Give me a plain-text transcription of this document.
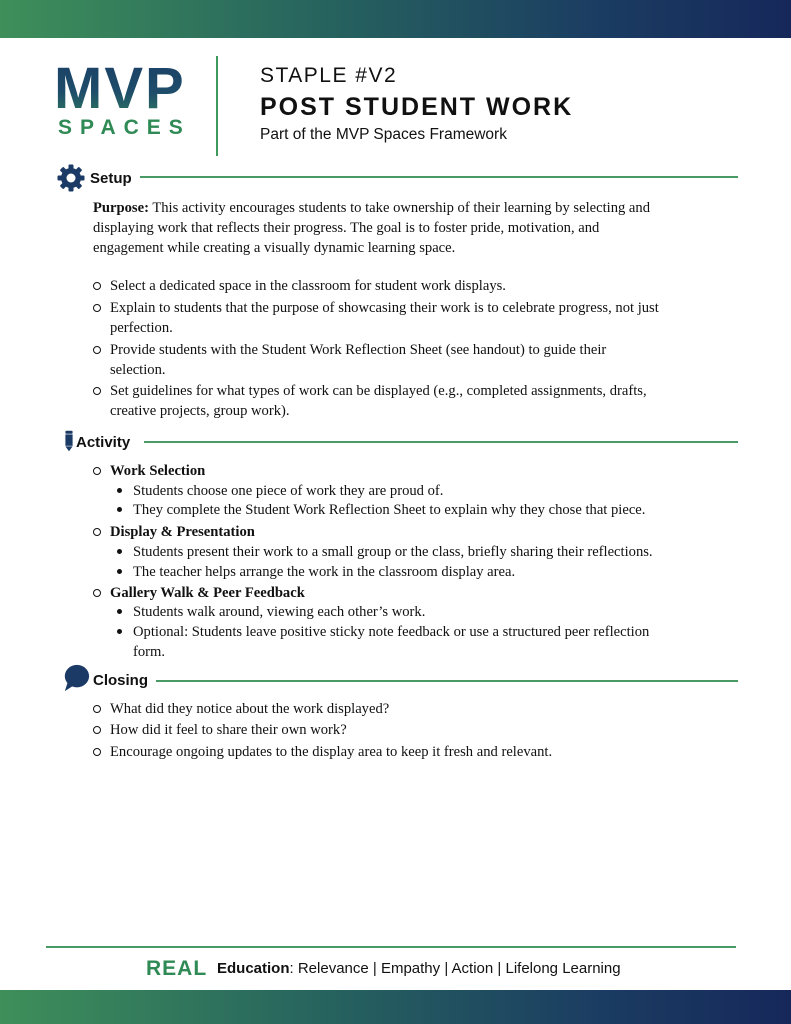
MVP
SPACES
STAPLE #V2
POST STUDENT WORK
Part of the MVP Spaces Framework
Setup
Purpose: This activity encourages students to take ownership of their learning by selecting and
displaying work that reflects their progress. The goal is to foster pride, motivation, and
engagement while creating a visually dynamic learning space.
Select a dedicated space in the classroom for student work displays.
Explain to students that the purpose of showcasing their work is to celebrate progress, not just
perfection.
Provide students with the Student Work Reflection Sheet (see handout) to guide their
selection.
Set guidelines for what types of work can be displayed (e.g., completed assignments, drafts,
creative projects, group work).
Activity
Work Selection
Students choose one piece of work they are proud of.
They complete the Student Work Reflection Sheet to explain why they chose that piece.
Display & Presentation
Students present their work to a small group or the class, briefly sharing their reflections.
The teacher helps arrange the work in the classroom display area.
Gallery Walk & Peer Feedback
Students walk around, viewing each other’s work.
Optional: Students leave positive sticky note feedback or use a structured peer reflection
form.
Closing
What did they notice about the work displayed?
How did it feel to share their own work?
Encourage ongoing updates to the display area to keep it fresh and relevant.
REAL Education: Relevance | Empathy | Action | Lifelong Learning
